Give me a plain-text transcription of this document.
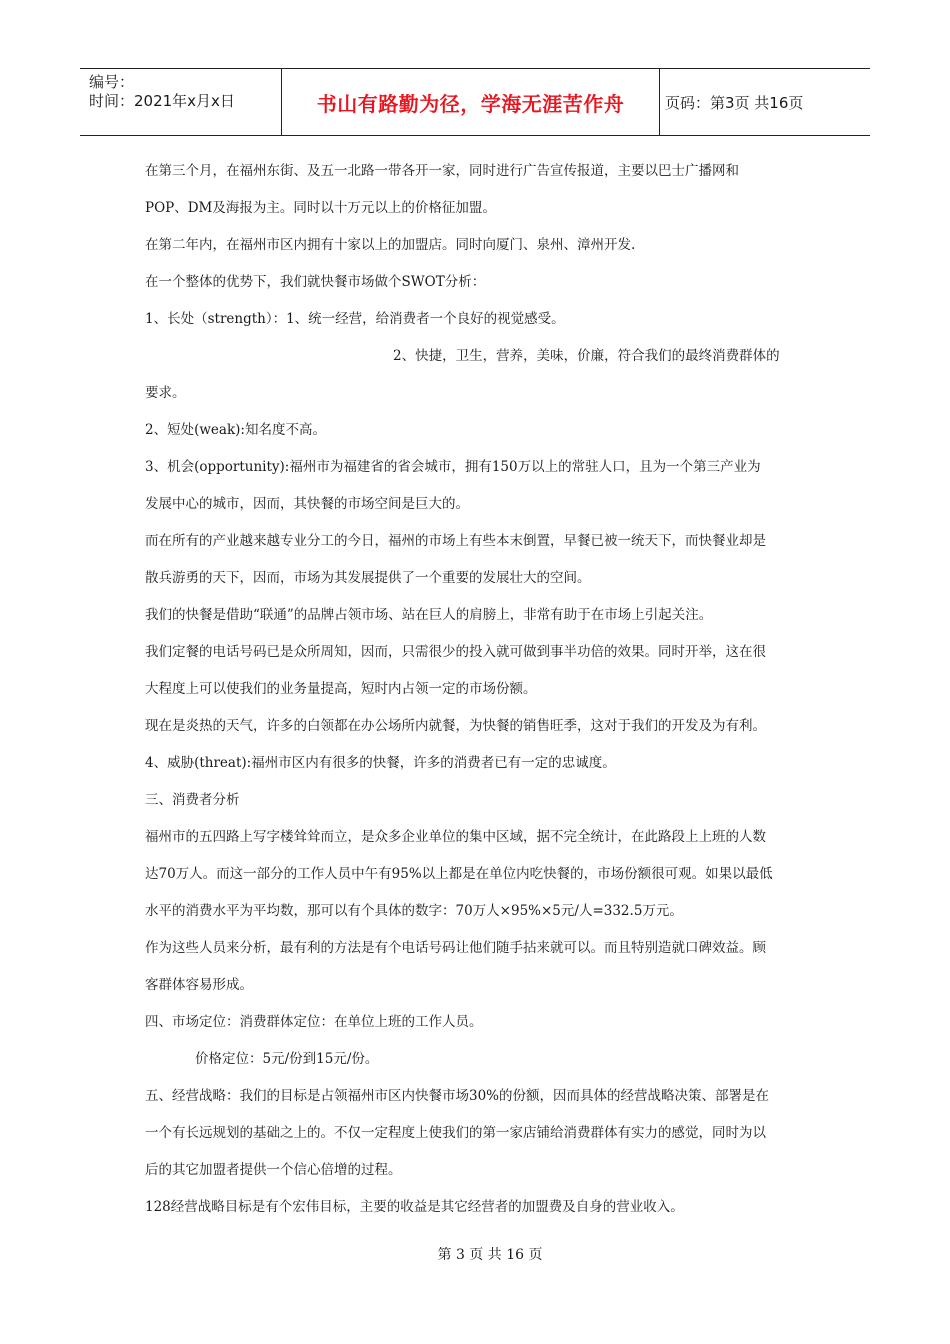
编号：
时间：2021年x月x日	书山有路勤为径，学海无涯苦作舟	页码：第3页 共16页

在第三个月，在福州东街、及五一北路一带各开一家，同时进行广告宣传报道，主要以巴士广播网和

POP、DM及海报为主。同时以十万元以上的价格征加盟。

在第二年内，在福州市区内拥有十家以上的加盟店。同时向厦门、泉州、漳州开发.

在一个整体的优势下，我们就快餐市场做个SWOT分析：

1、长处（strength）：1、统一经营，给消费者一个良好的视觉感受。

2、快捷，卫生，营养，美味，价廉，符合我们的最终消费群体的

要求。

2、短处(weak):知名度不高。

3、机会(opportunity):福州市为福建省的省会城市，拥有150万以上的常驻人口，且为一个第三产业为

发展中心的城市，因而，其快餐的市场空间是巨大的。

而在所有的产业越来越专业分工的今日，福州的市场上有些本末倒置，早餐已被一统天下，而快餐业却是

散兵游勇的天下，因而，市场为其发展提供了一个重要的发展壮大的空间。

我们的快餐是借助“联通”的品牌占领市场、站在巨人的肩膀上，非常有助于在市场上引起关注。

我们定餐的电话号码已是众所周知，因而，只需很少的投入就可做到事半功倍的效果。同时开举，这在很

大程度上可以使我们的业务量提高，短时内占领一定的市场份额。

现在是炎热的天气，许多的白领都在办公场所内就餐，为快餐的销售旺季，这对于我们的开发及为有利。

4、威胁(threat):福州市区内有很多的快餐，许多的消费者已有一定的忠诚度。

三、消费者分析

福州市的五四路上写字楼耸耸而立，是众多企业单位的集中区域，据不完全统计，在此路段上上班的人数

达70万人。而这一部分的工作人员中午有95%以上都是在单位内吃快餐的，市场份额很可观。如果以最低

水平的消费水平为平均数，那可以有个具体的数字：70万人×95%×5元/人=332.5万元。

作为这些人员来分析，最有利的方法是有个电话号码让他们随手拈来就可以。而且特别造就口碑效益。顾

客群体容易形成。

四、市场定位：消费群体定位：在单位上班的工作人员。

价格定位：5元/份到15元/份。

五、经营战略：我们的目标是占领福州市区内快餐市场30%的份额，因而具体的经营战略决策、部署是在

一个有长远规划的基础之上的。不仅一定程度上使我们的第一家店铺给消费群体有实力的感觉，同时为以

后的其它加盟者提供一个信心倍增的过程。

128经营战略目标是有个宏伟目标，主要的收益是其它经营者的加盟费及自身的营业收入。

第 3 页 共 16 页
